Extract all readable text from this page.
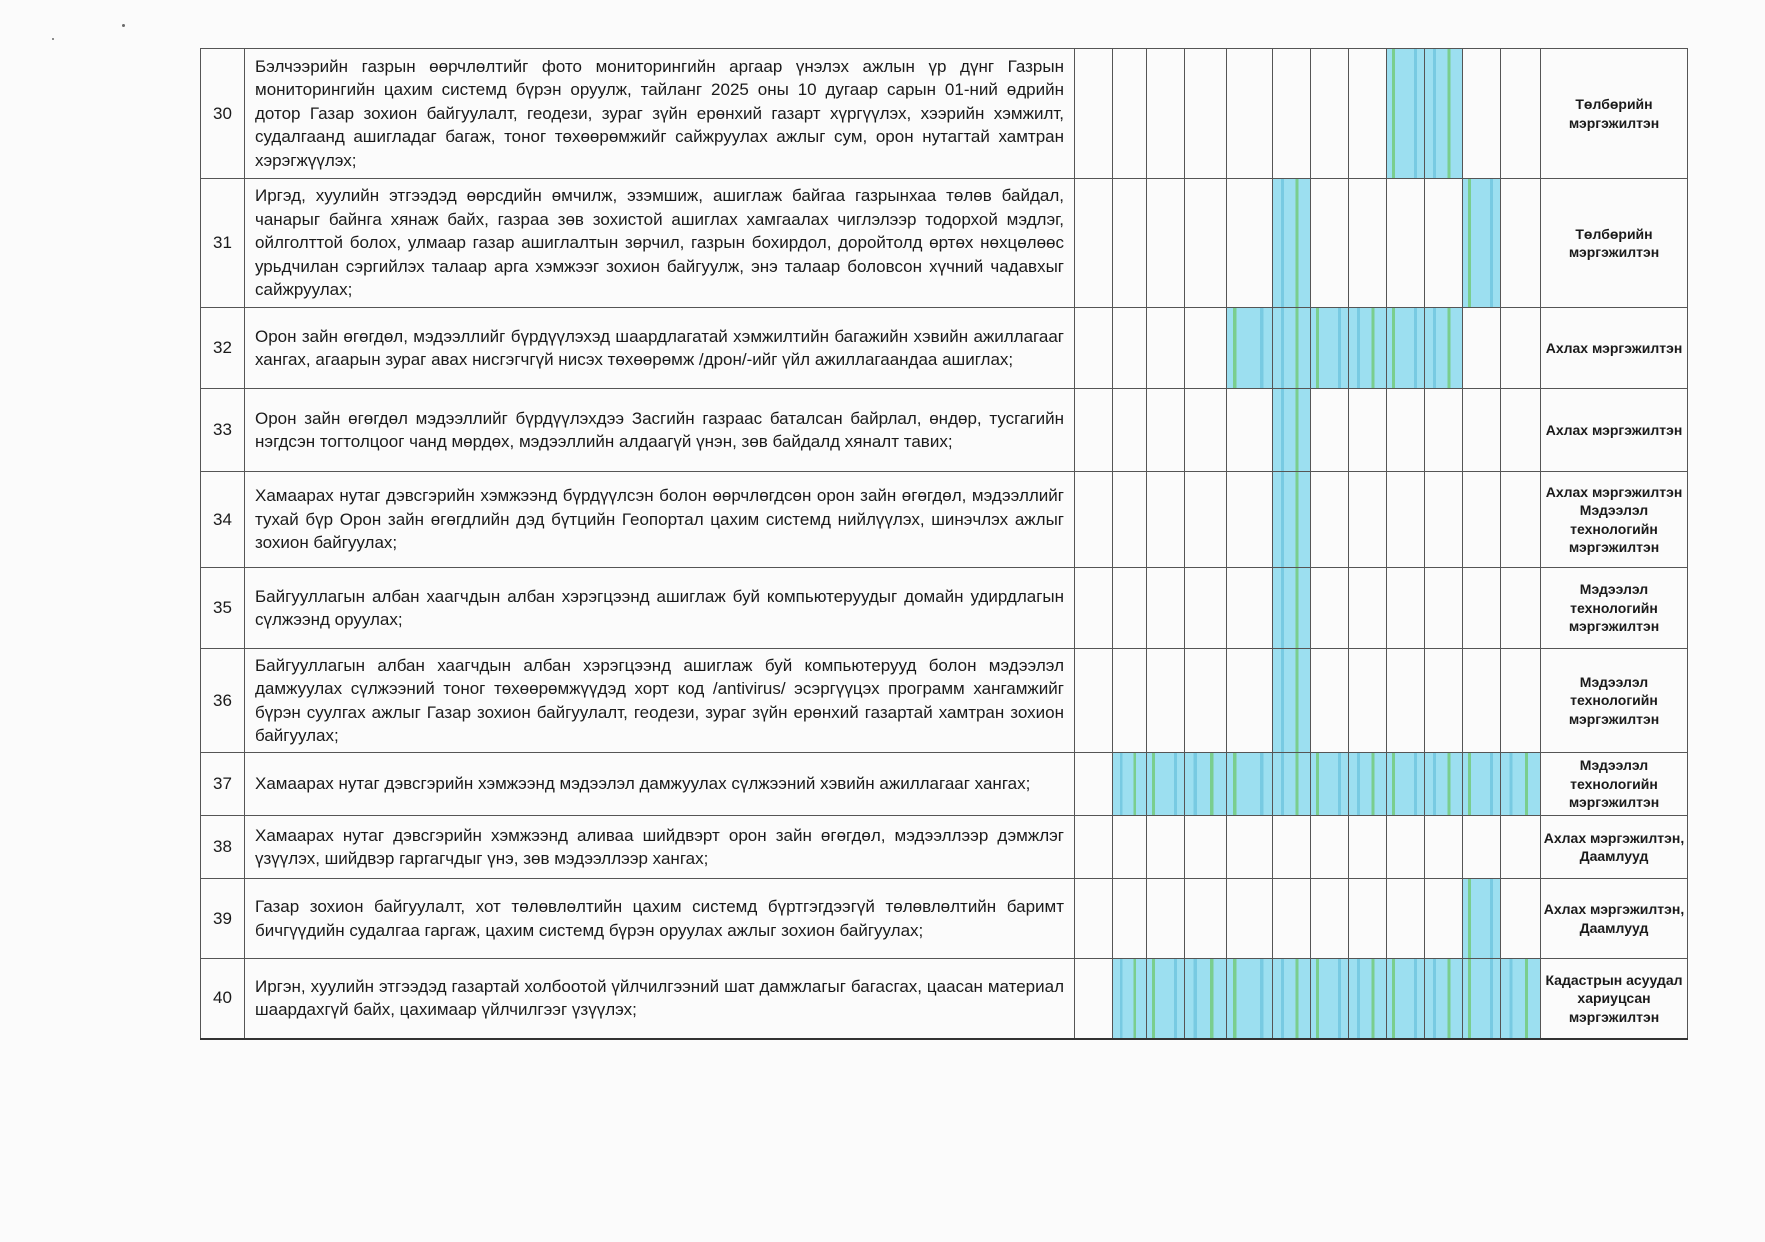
30	Бэлчээрийн газрын өөрчлөлтийг фото мониторингийн аргаар үнэлэх ажлын үр дүнг Газрын мониторингийн цахим системд бүрэн оруулж, тайланг 2025 оны 10 дугаар сарын 01-ний өдрийн дотор Газар зохион байгуулалт, геодези, зураг зүйн ерөнхий газарт хүргүүлэх, хээрийн хэмжилт, судалгаанд ашигладаг багаж, тоног төхөөрөмжийг сайжруулах ажлыг сум, орон нутагтай хамтран хэрэгжүүлэх;													Төлбөрийн мэргэжилтэн
31	Иргэд, хуулийн этгээдэд өөрсдийн өмчилж, эзэмшиж, ашиглаж байгаа газрынхаа төлөв байдал, чанарыг байнга хянаж байх, газраа зөв зохистой ашиглах хамгаалах чиглэлээр тодорхой мэдлэг, ойлголттой болох, улмаар газар ашиглалтын зөрчил, газрын бохирдол, доройтолд өртөх нөхцөлөөс урьдчилан сэргийлэх талаар арга хэмжээг зохион байгуулж, энэ талаар боловсон хүчний чадавхыг сайжруулах;													Төлбөрийн мэргэжилтэн
32	Орон зайн өгөгдөл, мэдээллийг бүрдүүлэхэд шаардлагатай хэмжилтийн багажийн хэвийн ажиллагааг хангах, агаарын зураг авах нисгэгчгүй нисэх төхөөрөмж /дрон/-ийг үйл ажиллагаандаа ашиглах;													Ахлах мэргэжилтэн
33	Орон зайн өгөгдөл мэдээллийг бүрдүүлэхдээ Засгийн газраас баталсан байрлал, өндөр, тусгагийн нэгдсэн тогтолцоог чанд мөрдөх, мэдээллийн алдаагүй үнэн, зөв байдалд хяналт тавих;													Ахлах мэргэжилтэн
34	Хамаарах нутаг дэвсгэрийн хэмжээнд бүрдүүлсэн болон өөрчлөгдсөн орон зайн өгөгдөл, мэдээллийг тухай бүр Орон зайн өгөгдлийн дэд бүтцийн Геопортал цахим системд нийлүүлэх, шинэчлэх ажлыг зохион байгуулах;													Ахлах мэргэжилтэн Мэдээлэл технологийн мэргэжилтэн
35	Байгууллагын албан хаагчдын албан хэрэгцээнд ашиглаж буй компьютеруудыг домайн удирдлагын сүлжээнд оруулах;													Мэдээлэл технологийн мэргэжилтэн
36	Байгууллагын албан хаагчдын албан хэрэгцээнд ашиглаж буй компьютерууд болон мэдээлэл дамжуулах сүлжээний тоног төхөөрөмжүүдэд хорт код /antivirus/ эсэргүүцэх программ хангамжийг бүрэн суулгах ажлыг Газар зохион байгуулалт, геодези, зураг зүйн ерөнхий газартай хамтран зохион байгуулах;													Мэдээлэл технологийн мэргэжилтэн
37	Хамаарах нутаг дэвсгэрийн хэмжээнд мэдээлэл дамжуулах сүлжээний хэвийн ажиллагааг хангах;													Мэдээлэл технологийн мэргэжилтэн
38	Хамаарах нутаг дэвсгэрийн хэмжээнд аливаа шийдвэрт орон зайн өгөгдөл, мэдээллээр дэмжлэг үзүүлэх, шийдвэр гаргагчдыг үнэ, зөв мэдээллээр хангах;													Ахлах мэргэжилтэн, Даамлууд
39	Газар зохион байгуулалт, хот төлөвлөлтийн цахим системд бүртгэгдээгүй төлөвлөлтийн баримт бичгүүдийн судалгаа гаргаж, цахим системд бүрэн оруулах ажлыг зохион байгуулах;													Ахлах мэргэжилтэн, Даамлууд
40	Иргэн, хуулийн этгээдэд газартай холбоотой үйлчилгээний шат дамжлагыг багасгах, цаасан материал шаардахгүй байх, цахимаар үйлчилгээг үзүүлэх;													Кадастрын асуудал хариуцсан мэргэжилтэн
